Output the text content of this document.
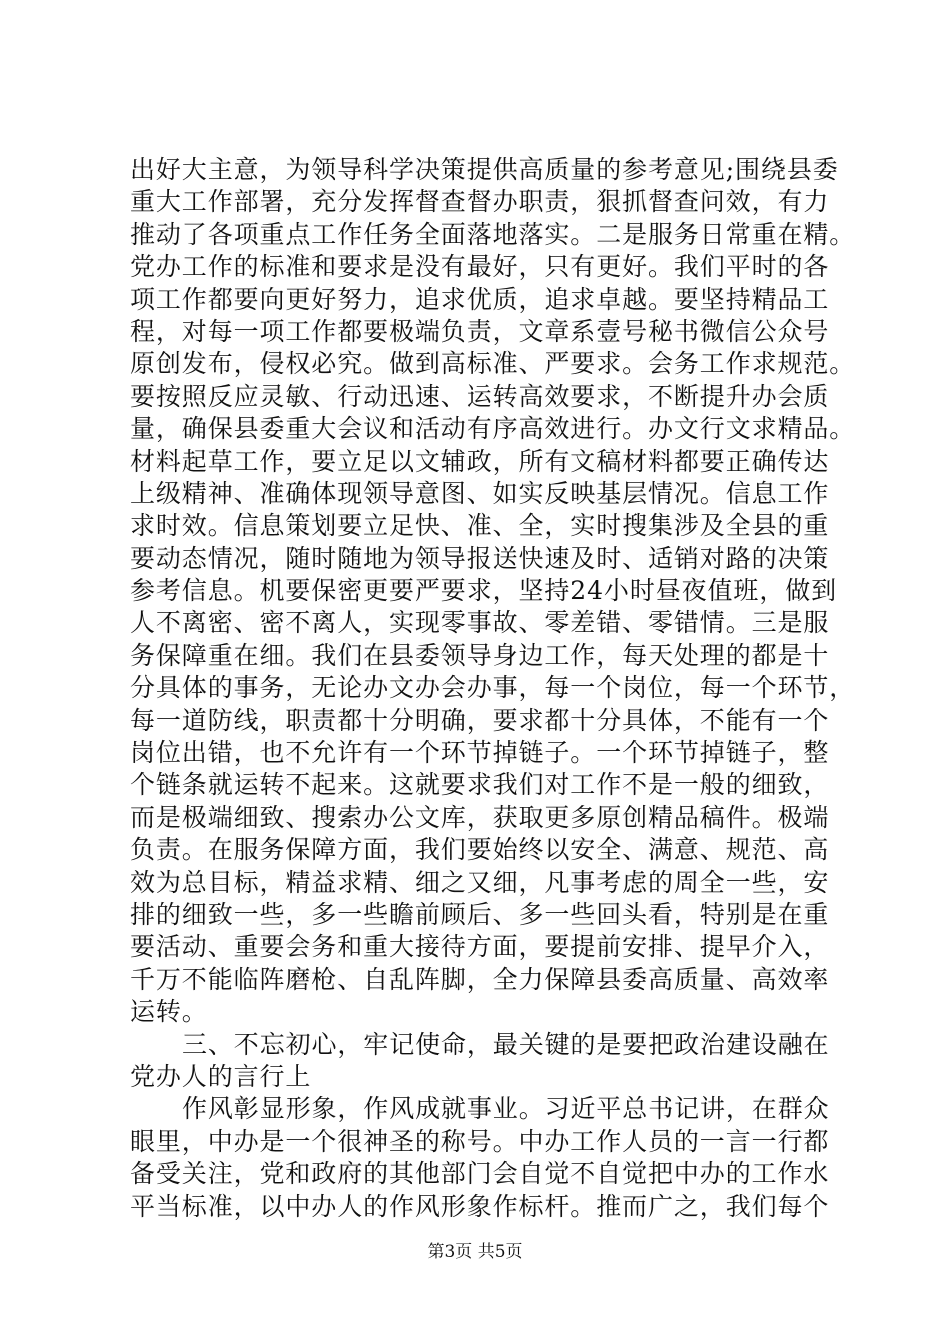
出好大主意，为领导科学决策提供高质量的参考意见;围绕县委
重大工作部署，充分发挥督查督办职责，狠抓督查问效，有力
推动了各项重点工作任务全面落地落实。二是服务日常重在精。
党办工作的标准和要求是没有最好，只有更好。我们平时的各
项工作都要向更好努力，追求优质，追求卓越。要坚持精品工
程，对每一项工作都要极端负责，文章系壹号秘书微信公众号
原创发布，侵权必究。做到高标准、严要求。会务工作求规范。
要按照反应灵敏、行动迅速、运转高效要求，不断提升办会质
量，确保县委重大会议和活动有序高效进行。办文行文求精品。
材料起草工作，要立足以文辅政，所有文稿材料都要正确传达
上级精神、准确体现领导意图、如实反映基层情况。信息工作
求时效。信息策划要立足快、准、全，实时搜集涉及全县的重
要动态情况，随时随地为领导报送快速及时、适销对路的决策
参考信息。机要保密更要严要求，坚持24小时昼夜值班，做到
人不离密、密不离人，实现零事故、零差错、零错情。三是服
务保障重在细。我们在县委领导身边工作，每天处理的都是十
分具体的事务，无论办文办会办事，每一个岗位，每一个环节，
每一道防线，职责都十分明确，要求都十分具体，不能有一个
岗位出错，也不允许有一个环节掉链子。一个环节掉链子，整
个链条就运转不起来。这就要求我们对工作不是一般的细致，
而是极端细致、搜索办公文库，获取更多原创精品稿件。极端
负责。在服务保障方面，我们要始终以安全、满意、规范、高
效为总目标，精益求精、细之又细，凡事考虑的周全一些，安
排的细致一些，多一些瞻前顾后、多一些回头看，特别是在重
要活动、重要会务和重大接待方面，要提前安排、提早介入，
千万不能临阵磨枪、自乱阵脚，全力保障县委高质量、高效率
运转。
三、不忘初心，牢记使命，最关键的是要把政治建设融在
党办人的言行上
作风彰显形象，作风成就事业。习近平总书记讲，在群众
眼里，中办是一个很神圣的称号。中办工作人员的一言一行都
备受关注，党和政府的其他部门会自觉不自觉把中办的工作水
平当标准，以中办人的作风形象作标杆。推而广之，我们每个
第3页 共5页
